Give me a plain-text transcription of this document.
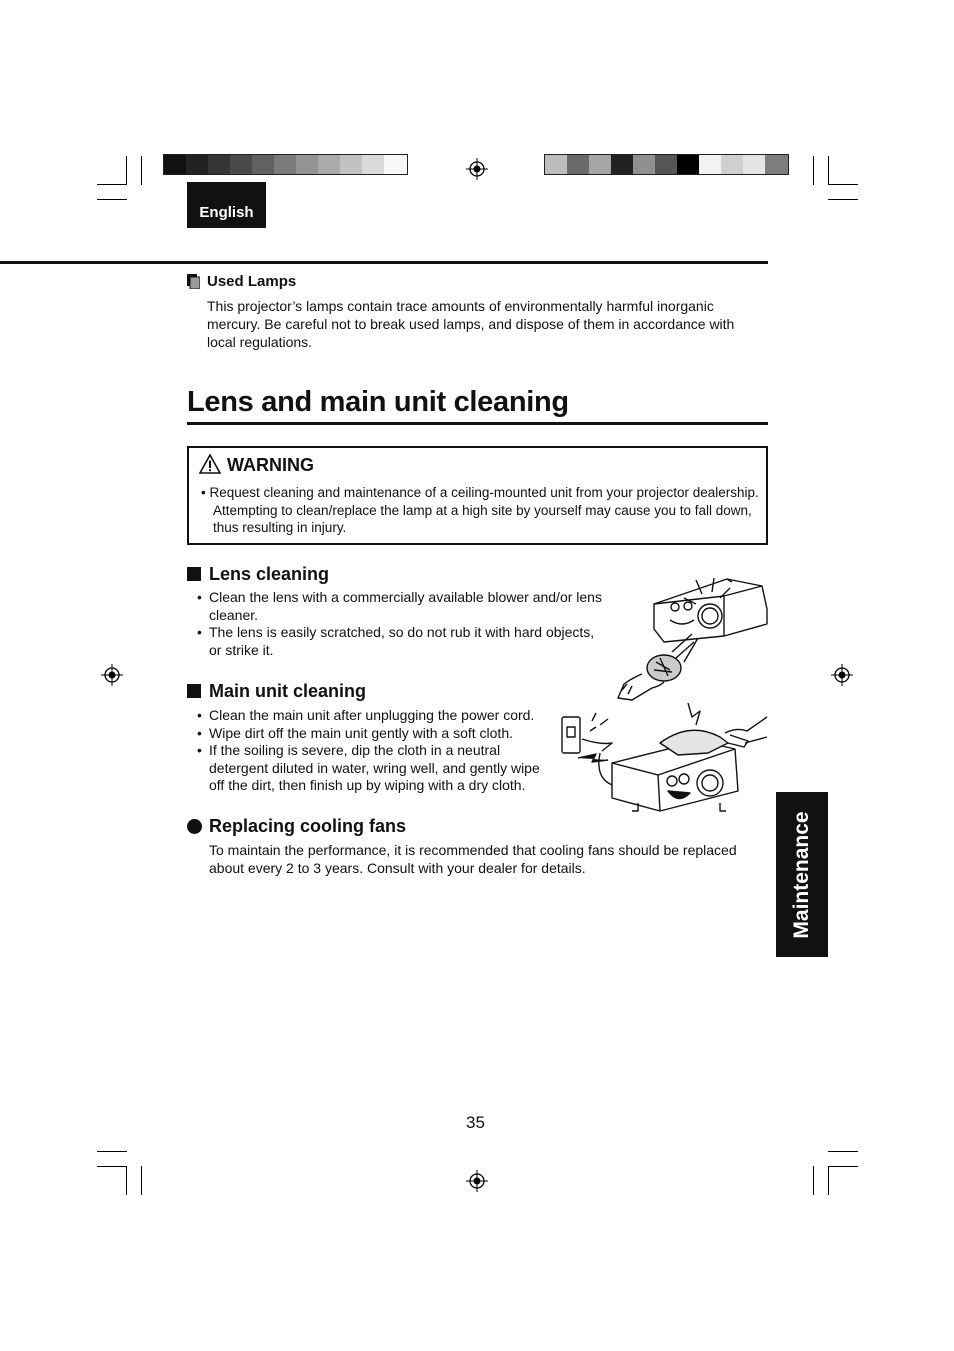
English
Used Lamps
This projector’s lamps contain trace amounts of environmentally harmful inorganic mercury. Be careful not to break used lamps, and dispose of them in accordance with local regulations.
Lens and main unit cleaning
WARNING
• Request cleaning and maintenance of a ceiling-mounted unit from your projector dealership. Attempting to clean/replace the lamp at a high site by yourself may cause you to fall down, thus resulting in injury.
Lens cleaning
• Clean the lens with a commercially available blower and/or lens cleaner.
• The lens is easily scratched, so do not rub it with hard objects, or strike it.
Main unit cleaning
• Clean the main unit after unplugging the power cord.
• Wipe dirt off the main unit gently with a soft cloth.
• If the soiling is severe, dip the cloth in a neutral detergent diluted in water, wring well, and gently wipe off the dirt, then finish up by wiping with a dry cloth.
Replacing cooling fans
To maintain the performance, it is recommended that cooling fans should be replaced about every 2 to 3 years. Consult with your dealer for details.	Maintenance
35
